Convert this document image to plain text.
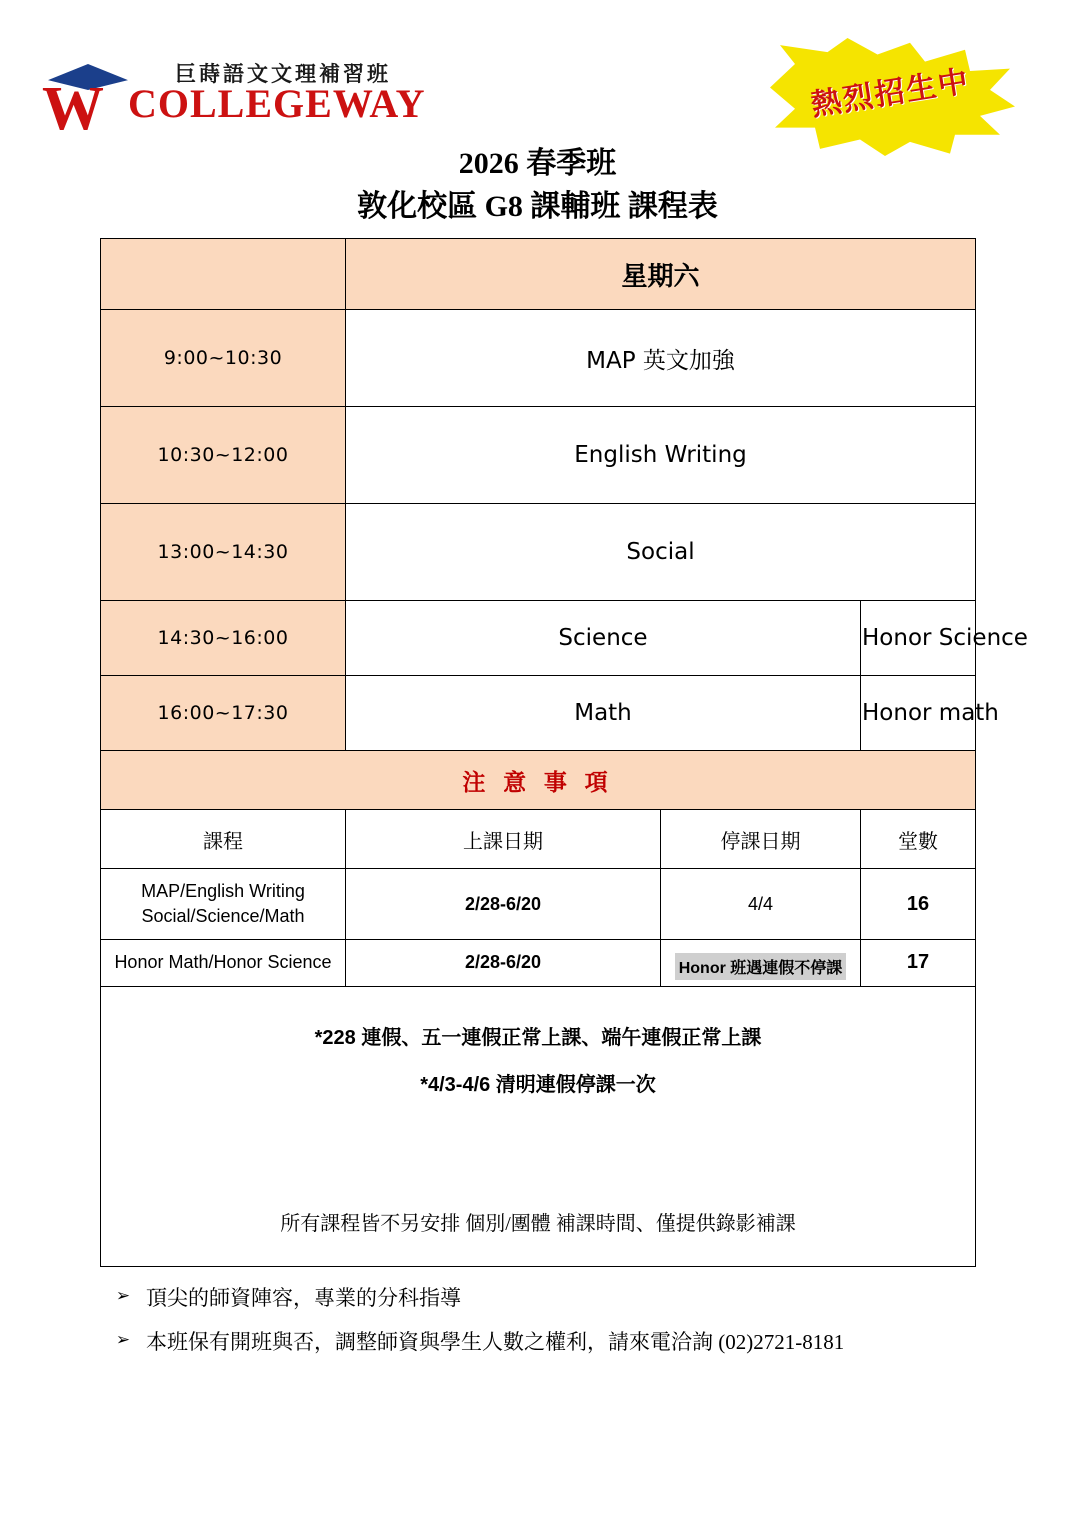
W
巨蒔語文文理補習班
COLLEGEWAY	熱烈招生中
2026 春季班
敦化校區 G8 課輔班 課程表
	星期六		
9:00~10:30	MAP 英文加強		
10:30~12:00	English Writing		
13:00~14:30	Social		
14:30~16:00	Science		Honor Science
16:00~17:30	Math		Honor math
注 意 事 項			
課程	上課日期	停課日期	堂數

MAP/English Writing
Social/Science/Math	2/28-6/20	4/4	16
Honor Math/Honor Science	2/28-6/20	Honor 班遇連假不停課	17

*228 連假、五一連假正常上課、端午連假正常上課
*4/3-4/6 清明連假停課一次
所有課程皆不另安排 個別/團體 補課時間、僅提供錄影補課			
➢ 頂尖的師資陣容，專業的分科指導
➢ 本班保有開班與否，調整師資與學生人數之權利，請來電洽詢 (02)2721-8181
